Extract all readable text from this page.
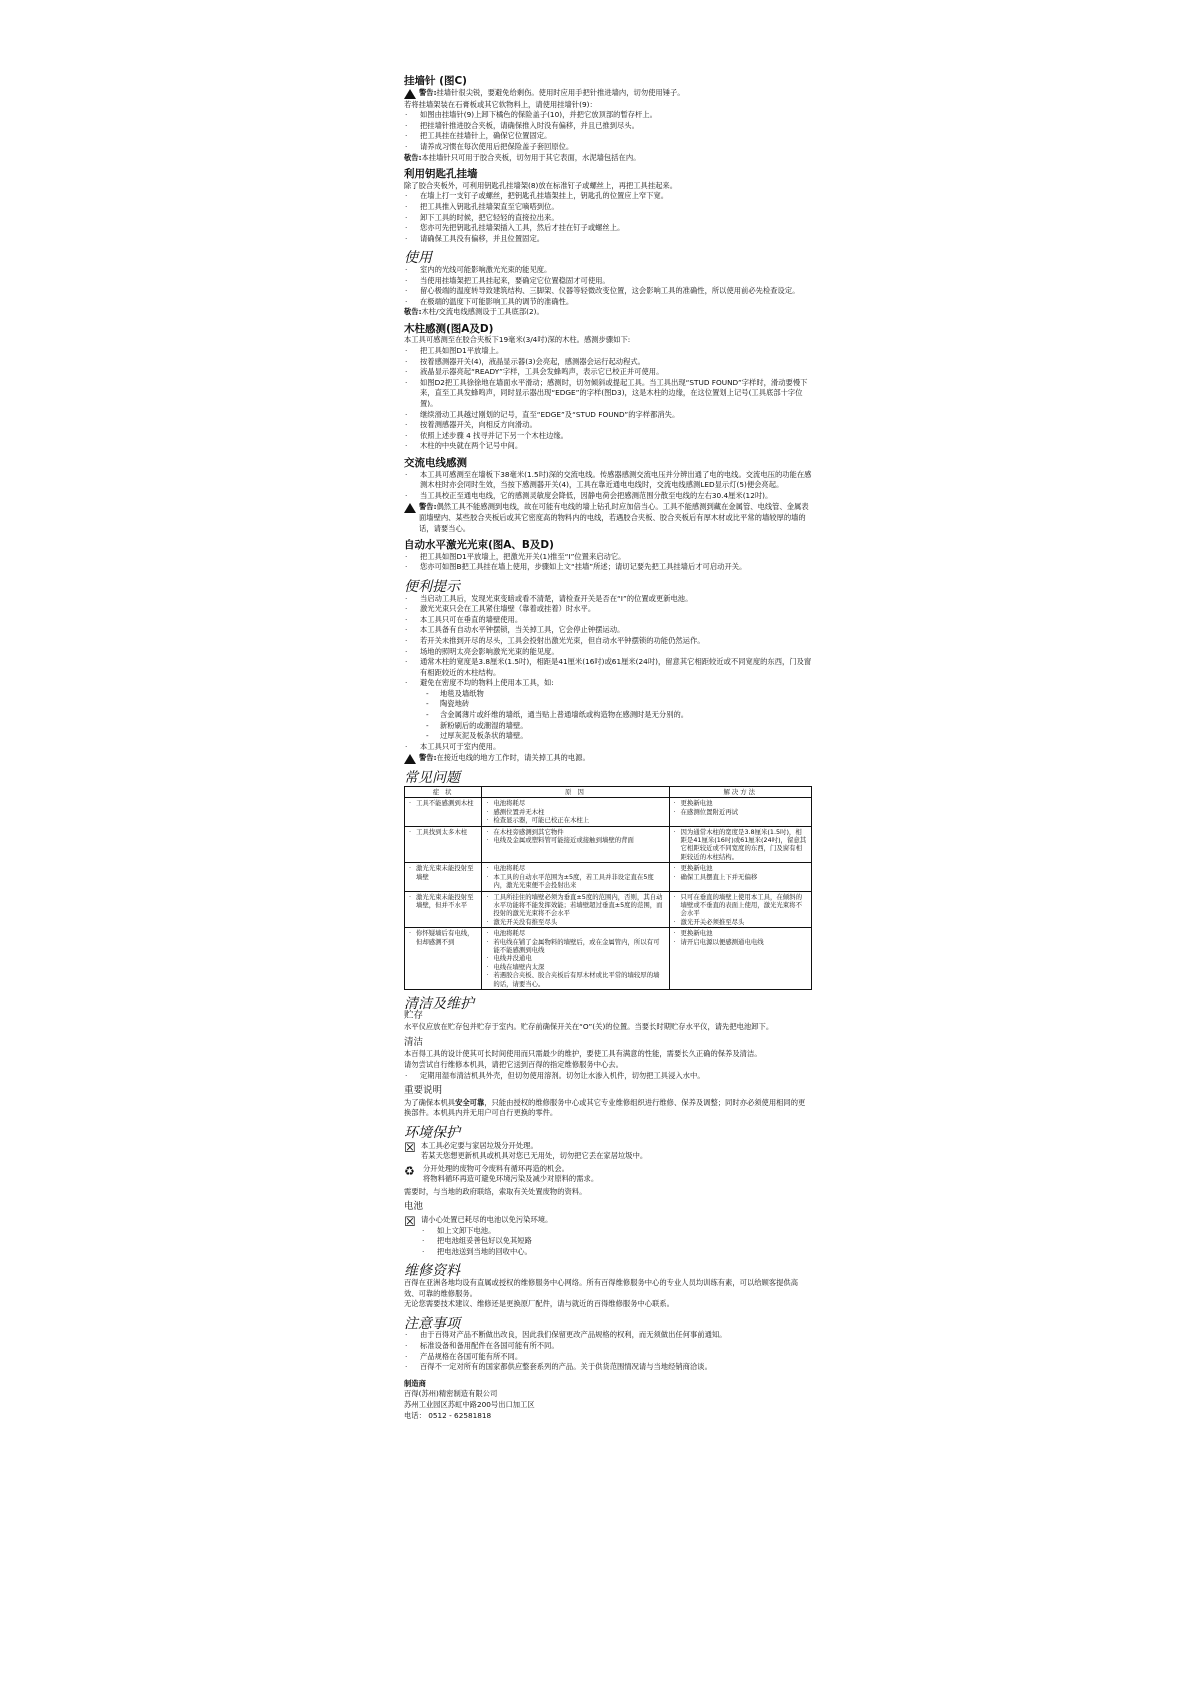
挂墙针 (图C)
警告:挂墙针很尖锐，要避免给剩伤。使用时应用手把针推进墙内，切勿使用锤子。

若将挂墙架装在石膏板或其它软物料上，请使用挂墙针(9)：

· 如图由挂墙针(9)上卸下橘色的保险盖子(10)，并把它放顶部的暂存杆上。

· 把挂墙针推进胶合夹板，请确保推入时没有偏移，并且已推到尽头。

· 把工具挂在挂墙针上，确保它位置固定。

· 请养成习惯在每次使用后把保险盖子套回原位。

敬告:本挂墙针只可用于胶合夹板，切勿用于其它表面，水泥墙包括在内。

利用钥匙孔挂墙

除了胶合夹板外，可利用钥匙孔挂墙架(8)放在标准钉子或螺丝上，再把工具挂起来。

· 在墙上打一支钉子或螺丝，把钥匙孔挂墙架挂上，钥匙孔的位置应上窄下宽。

· 把工具推入钥匙孔挂墙架直至它嘀嗒到位。

· 卸下工具的时候，把它轻轻的直接拉出来。

· 您亦可先把钥匙孔挂墙架插入工具，然后才挂在钉子或螺丝上。

· 请确保工具没有偏移，并且位置固定。

使用

· 室内的光线可能影响激光光束的能见度。

· 当使用挂墙架把工具挂起来，要确定它位置稳固才可使用。

· 留心极端的温度转导致建筑结构、三脚架、仪器等轻微改变位置，这会影响工具的准确性，所以使用前必先检查设定。

· 在极端的温度下可能影响工具的调节的准确性。

敬告:木柱/交流电线感测设于工具底部(2)。

木柱感测(图A及D)

本工具可感测至在胶合夹板下19毫米(3/4吋)深的木柱。感测步骤如下:

· 把工具如图D1平放墙上。

· 按着感测器开关(4)，液晶显示器(3)会亮起，感测器会运行起动程式。

· 液晶显示器亮起“READY”字样，工具会发蜂鸣声，表示它已校正并可使用。

· 如图D2把工具徐徐地在墙面水平滑动；感测时，切勿倾斜或提起工具。当工具出现“STUD FOUND”字样时，滑动要慢下来，直至工具发蜂鸣声，同时显示器出现“EDGE”的字样(图D3)，这是木柱的边缘，在这位置划上记号(工具底部十字位置)。

· 继续滑动工具越过刚划的记号，直至“EDGE”及“STUD FOUND”的字样都消失。

· 按着测感器开关，向相反方向滑动。

· 依照上述步骤 4 找寻并记下另一个木柱边缘。

· 木柱的中央就在两个记号中间。

交流电线感测

· 本工具可感测至在墙板下38毫米(1.5吋)深的交流电线。传感器感测交流电压并分辨出通了电的电线。交流电压的功能在感测木柱时亦会同时生效，当按下感测器开关(4)，工具在靠近通电电线时，交流电线感测LED显示灯(5)便会亮起。

· 当工具校正至通电电线，它的感测灵敏度会降低，因静电荷会把感测范围分散至电线的左右30.4厘米(12吋)。

警告:偶然工具不能感测到电线，故在可能有电线的墙上钻孔时应加倍当心。工具不能感测到藏在金属管、电线管、金属表面墙壁内、某些胶合夹板后或其它密度高的物料内的电线，若遇胶合夹板、胶合夹板后有厚木材或比平常的墙较厚的墙的话，请要当心。
自动水平激光光束(图A、B及D)

· 把工具如图D1平放墙上，把激光开关(1)推至“I”位置来启动它。

· 您亦可如图B把工具挂在墙上使用，步骤如上文“挂墙”所述；请切记要先把工具挂墙后才可启动开关。

便利提示

· 当启动工具后，发现光束变暗或看不清楚，请检查开关是否在“I”的位置或更新电池。

· 激光光束只会在工具紧住墙壁（靠着或挂着）时水平。

· 本工具只可在垂直的墙壁使用。

· 本工具备有自动水平钟摆锁，当关掉工具，它会停止钟摆运动。

· 若开关未推到开尽的尽头，工具会投射出激光光束，但自动水平钟摆锁的功能仍然运作。

· 场地的照明太亮会影响激光光束的能见度。

· 通常木柱的宽度是3.8厘米(1.5吋)，相距是41厘米(16吋)或61厘米(24吋)，留意其它相距较近或不同宽度的东西，门及窗有相距较近的木柱结构。

· 避免在密度不均的物料上使用本工具，如:

- 地毯及墙纸物

- 陶瓷地砖

- 含金属薄片或纤维的墙纸，通当贴上普通墙纸或构造物在感测时是无分别的。

- 新粉刷后的或潮湿的墙壁。

- 过厚灰泥及板条状的墙壁。

· 本工具只可于室内使用。

警告:在接近电线的地方工作时，请关掉工具的电源。
常见问题
症 状	原 因	解决方法

· 工具不能感测到木柱	· 电池将耗尽
· 感测位置并无木柱
· 检查显示器，可能已校正在木柱上	· 更换新电池
· 在感测位置附近再试

· 工具找到太多木柱	· 在木柱旁感测到其它物件
· 电线及金属或塑料管可能接近或接触到墙壁的背面	· 因为通常木柱的宽度是3.8厘米(1.5吋)，相距是41厘米(16吋)或61厘米(24吋)，留意其它相距较近或不同宽度的东西，门及窗有相距较近的木柱结构。

· 激光光束未能投射至墙壁	· 电池将耗尽
· 本工具的自动水平范围为±5度，若工具并非设定直在5度内，激光光束便不会投射出来	· 更换新电池
· 确保工具摆直上下并无偏移

· 激光光束未能投射至墙壁，但并不水平	· 工具所挂住的墙壁必须为垂直±5度的范围内，否则，其自动水平功能将不能发挥效能；若墙壁超过垂直±5度的范围，而投射的激光光束将不会水平
· 激光开关没有推至尽头	· 只可在垂直的墙壁上使用本工具，在倾斜的墙壁或不垂直的表面上使用，激光光束将不会水平
· 激光开关必须推至尽头

· 你怀疑墙后有电线，但却感测不到	· 电池将耗尽
· 若电线在铺了金属物料的墙壁后，或在金属管内，所以有可能不能感测到电线
· 电线并没通电
· 电线在墙壁内太深
· 若遇胶合夹板、胶合夹板后有厚木材或比平常的墙较厚的墙的话，请要当心。	· 更换新电池
· 请开启电源以便感测通电电线
清洁及维护
贮存

水平仪应放在贮存包并贮存于室内。贮存前确保开关在“O”(关)的位置。当要长时期贮存水平仪，请先把电池卸下。

清洁

本百得工具的设计使其可长时间使用而只需最少的维护，要使工具有满意的性能，需要长久正确的保养及清洁。

请勿尝试自行维修本机具，请把它送到百得的指定维修服务中心去。

· 定期用湿布清洁机具外壳，但切勿使用溶剂。切勿让水渗入机件，切勿把工具浸入水中。

重要说明

为了确保本机具安全可靠，只能由授权的维修服务中心或其它专业维修组织进行维修、保养及调整；同时亦必须使用相同的更换部件。本机具内并无用户可自行更换的零件。

环境保护
☒ 本工具必定要与家居垃圾分开处理。

若某天您想更新机具或机具对您已无用处，切勿把它丢在家居垃圾中。

♻	分开处理的废物可令废料有循环再造的机会。

将物料循环再造可避免环境污染及减少对原料的需求。

需要时，与当地的政府联络，索取有关处置废物的资料。

电池
☒ 请小心处置已耗尽的电池以免污染环境。

· 如上文卸下电池。

· 把电池组妥善包好以免其短路

· 把电池送到当地的回收中心。

维修资料

百得在亚洲各地均设有直属或授权的维修服务中心网络。所有百得维修服务中心的专业人员均训练有素，可以给顾客提供高效、可靠的维修服务。

无论您需要技术建议、维修还是更换原厂配件，请与就近的百得维修服务中心联系。

注意事项

· 由于百得对产品不断做出改良，因此我们保留更改产品规格的权利，而无须做出任何事前通知。

· 标准设备和备用配件在各国可能有所不同。

· 产品规格在各国可能有所不同。

· 百得不一定对所有的国家都供应整套系列的产品。关于供货范围情况请与当地经销商洽谈。

制造商

百得(苏州)精密制造有限公司

苏州工业园区苏虹中路200号出口加工区

电话： 0512 - 62581818
